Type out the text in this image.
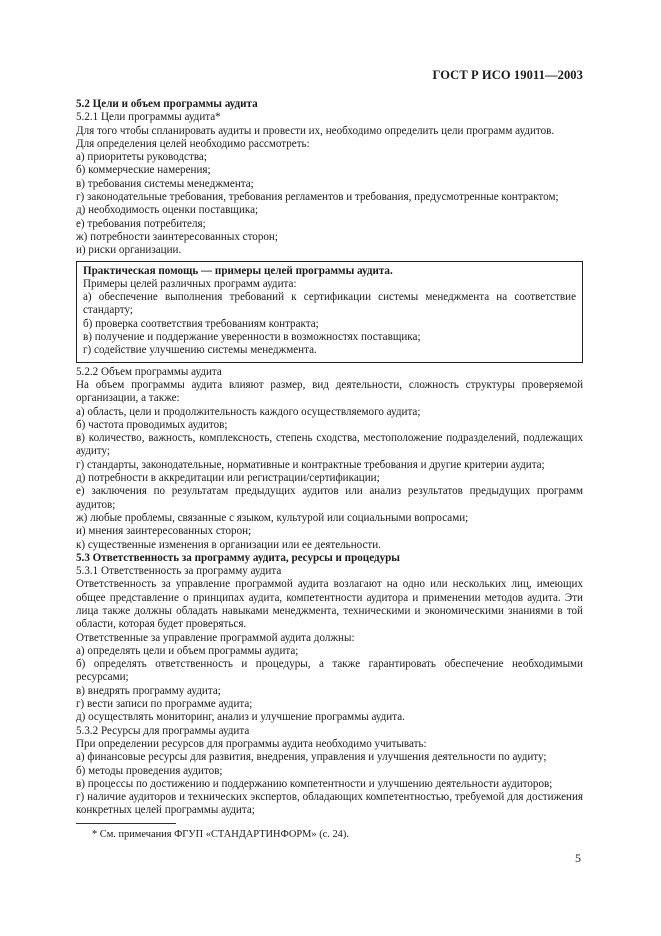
ГОСТ Р ИСО 19011—2003

5.2 Цели и объем программы аудита

5.2.1 Цели программы аудита*

Для того чтобы спланировать аудиты и провести их, необходимо определить цели программ аудитов.

Для определения целей необходимо рассмотреть:

а) приоритеты руководства;

б) коммерческие намерения;

в) требования системы менеджмента;

г) законодательные требования, требования регламентов и требования, предусмотренные контрактом;

д) необходимость оценки поставщика;

е) требования потребителя;

ж) потребности заинтересованных сторон;

и) риски организации.

Практическая помощь — примеры целей программы аудита.

Примеры целей различных программ аудита:

а) обеспечение выполнения требований к сертификации системы менеджмента на соответствие стандарту;

б) проверка соответствия требованиям контракта;

в) получение и поддержание уверенности в возможностях поставщика;

г) содействие улучшению системы менеджмента.

5.2.2 Объем программы аудита

На объем программы аудита влияют размер, вид деятельности, сложность структуры проверяемой организации, а также:

а) область, цели и продолжительность каждого осуществляемого аудита;

б) частота проводимых аудитов;

в) количество, важность, комплексность, степень сходства, местоположение подразделений, подлежащих аудиту;

г) стандарты, законодательные, нормативные и контрактные требования и другие критерии аудита;

д) потребности в аккредитации или регистрации/сертификации;

е) заключения по результатам предыдущих аудитов или анализ результатов предыдущих программ аудитов;

ж) любые проблемы, связанные с языком, культурой или социальными вопросами;

и) мнения заинтересованных сторон;

к) существенные изменения в организации или ее деятельности.

5.3 Ответственность за программу аудита, ресурсы и процедуры

5.3.1 Ответственность за программу аудита

Ответственность за управление программой аудита возлагают на одно или нескольких лиц, имеющих общее представление о принципах аудита, компетентности аудитора и применении методов аудита. Эти лица также должны обладать навыками менеджмента, техническими и экономическими знаниями в той области, которая будет проверяться.

Ответственные за управление программой аудита должны:

а) определять цели и объем программы аудита;

б) определять ответственность и процедуры, а также гарантировать обеспечение необходимыми ресурсами;

в) внедрять программу аудита;

г) вести записи по программе аудита;

д) осуществлять мониторинг, анализ и улучшение программы аудита.

5.3.2 Ресурсы для программы аудита

При определении ресурсов для программы аудита необходимо учитывать:

а) финансовые ресурсы для развития, внедрения, управления и улучшения деятельности по аудиту;

б) методы проведения аудитов;

в) процессы по достижению и поддержанию компетентности и улучшению деятельности аудиторов;

г) наличие аудиторов и технических экспертов, обладающих компетентностью, требуемой для достижения конкретных целей программы аудита;

* См. примечания ФГУП «СТАНДАРТИНФОРМ» (с. 24).
5
